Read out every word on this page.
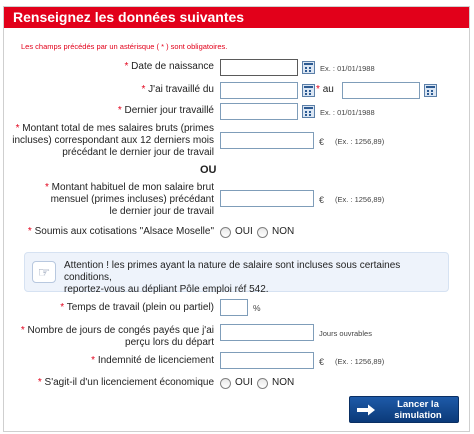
Renseignez les données suivantes
Les champs précédés par un astérisque ( * ) sont obligatoires.
* Date de naissance	Ex. : 01/01/1988
* J'ai travaillé du	* au
* Dernier jour travaillé	Ex. : 01/01/1988
* Montant total de mes salaires bruts (primes
incluses) correspondant aux 12 derniers mois
précédant le dernier jour de travail
€ (Ex. : 1256,89)
OU
* Montant habituel de mon salaire brut
mensuel (primes incluses) précédant
le dernier jour de travail
€ (Ex. : 1256,89)
* Soumis aux cotisations "Alsace Moselle" OUI NON
☞	Attention ! les primes ayant la nature de salaire sont incluses sous certaines conditions,
reportez-vous au dépliant Pôle emploi réf 542.
* Temps de travail (plein ou partiel)	%
* Nombre de jours de congés payés que j'ai
perçu lors du départ
Jours ouvrables
* Indemnité de licenciement	€ (Ex. : 1256,89)
* S'agit-il d'un licenciement économique OUI NON
Lancer la
simulation
